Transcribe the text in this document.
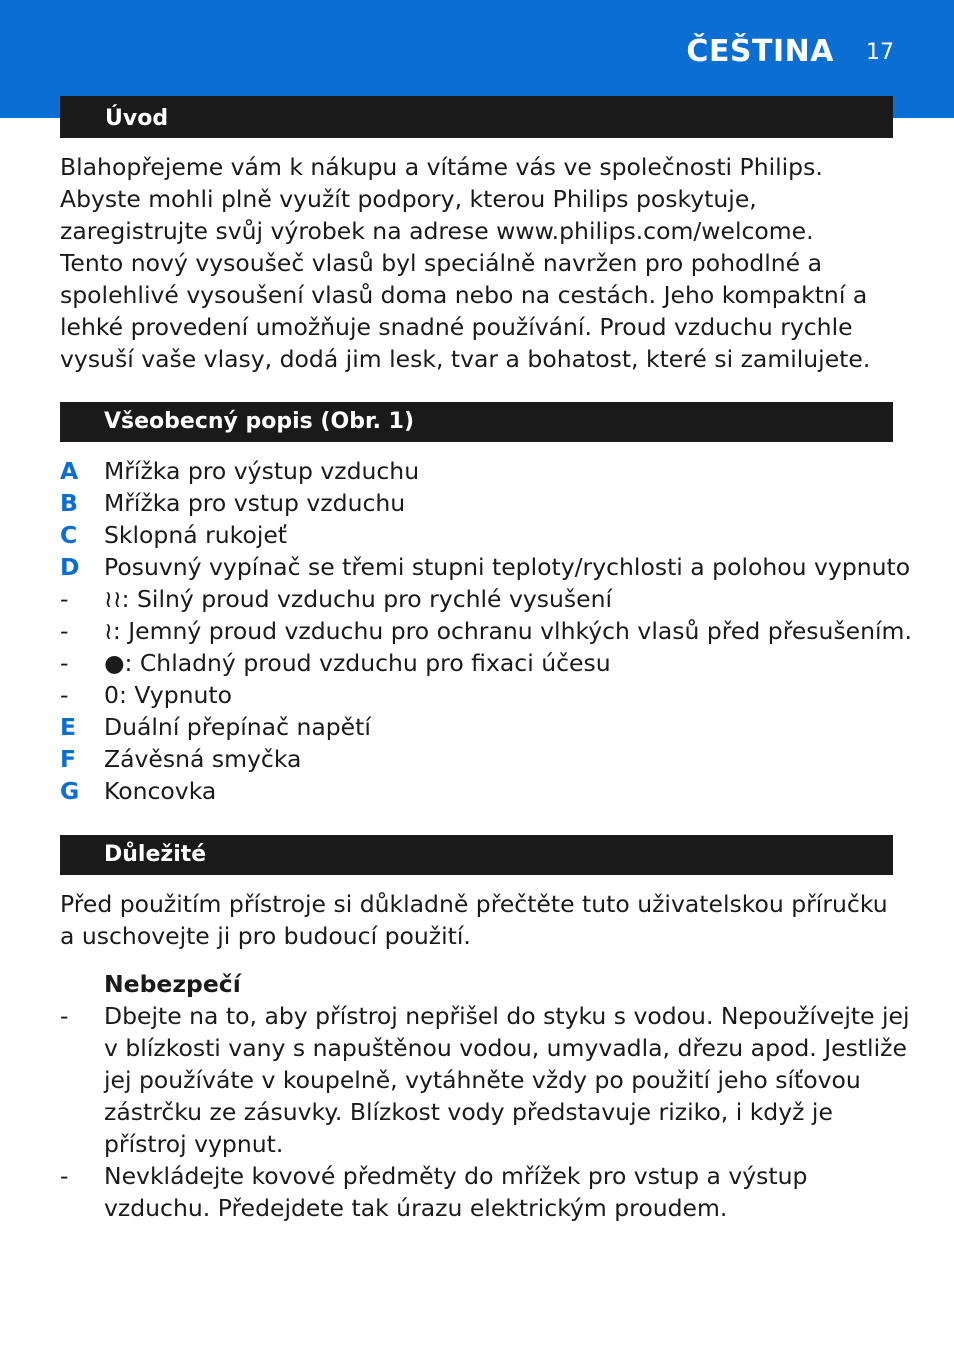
ČEŠTINA 17
Úvod

Blahopřejeme vám k nákupu a vítáme vás ve společnosti Philips. Abyste mohli plně využít podpory, kterou Philips poskytuje, zaregistrujte svůj výrobek na adrese www.philips.com/welcome.

Tento nový vysoušeč vlasů byl speciálně navržen pro pohodlné a spolehlivé vysoušení vlasů doma nebo na cestách. Jeho kompaktní a lehké provedení umožňuje snadné používání. Proud vzduchu rychle vysuší vaše vlasy, dodá jim lesk, tvar a bohatost, které si zamilujete.

Všeobecný popis (Obr. 1)
A	Mřížka pro výstup vzduchu
B	Mřížka pro vstup vzduchu
C	Sklopná rukojeť
D	Posuvný vypínač se třemi stupni teploty/rychlosti a polohou vypnuto
-	≀≀: Silný proud vzduchu pro rychlé vysušení
-	≀: Jemný proud vzduchu pro ochranu vlhkých vlasů před přesušením.
-	●: Chladný proud vzduchu pro fixaci účesu
-	0: Vypnuto
E	Duální přepínač napětí
F	Závěsná smyčka
G	Koncovka
Důležité

Před použitím přístroje si důkladně přečtěte tuto uživatelskou příručku a uschovejte ji pro budoucí použití.

Nebezpečí
-	Dbejte na to, aby přístroj nepřišel do styku s vodou. Nepoužívejte jej v blízkosti vany s napuštěnou vodou, umyvadla, dřezu apod. Jestliže jej používáte v koupelně, vytáhněte vždy po použití jeho síťovou zástrčku ze zásuvky. Blízkost vody představuje riziko, i když je přístroj vypnut.
-	Nevkládejte kovové předměty do mřížek pro vstup a výstup vzduchu. Předejdete tak úrazu elektrickým proudem.
